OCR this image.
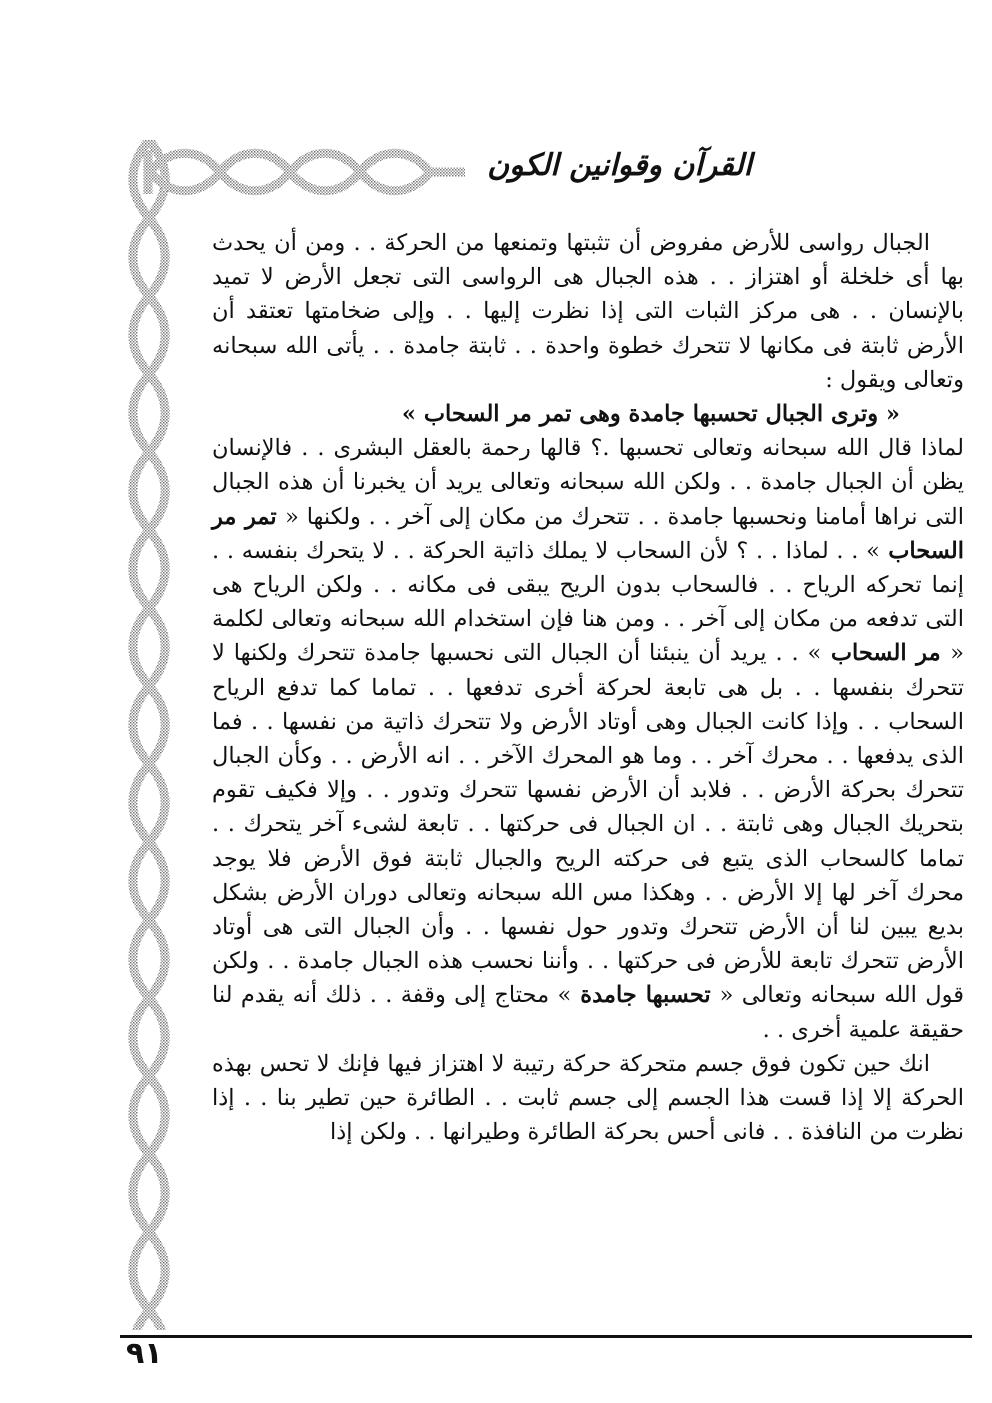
القرآن وقوانين الكون

الجبال رواسى للأرض مفروض أن تثبتها وتمنعها من الحركة . . ومن أن يحدث بها أى خلخلة أو اهتزاز . . هذه الجبال هى الرواسى التى تجعل الأرض لا تميد بالإنسان . . هى مركز الثبات التى إذا نظرت إليها . . وإلى ضخامتها تعتقد أن الأرض ثابتة فى مكانها لا تتحرك خطوة واحدة . . ثابتة جامدة . . يأتى الله سبحانه وتعالى ويقول :

« وترى الجبال تحسبها جامدة وهى تمر مر السحاب »

لماذا قال الله سبحانه وتعالى تحسبها .؟ قالها رحمة بالعقل البشرى . . فالإنسان يظن أن الجبال جامدة . . ولكن الله سبحانه وتعالى يريد أن يخبرنا أن هذه الجبال التى نراها أمامنا ونحسبها جامدة . . تتحرك من مكان إلى آخر . . ولكنها « تمر مر السحاب » . . لماذا . . ؟ لأن السحاب لا يملك ذاتية الحركة . . لا يتحرك بنفسه . . إنما تحركه الرياح . . فالسحاب بدون الريح يبقى فى مكانه . . ولكن الرياح هى التى تدفعه من مكان إلى آخر . . ومن هنا فإن استخدام الله سبحانه وتعالى لكلمة « مر السحاب » . . يريد أن ينبئنا أن الجبال التى نحسبها جامدة تتحرك ولكنها لا تتحرك بنفسها . . بل هى تابعة لحركة أخرى تدفعها . . تماما كما تدفع الرياح السحاب . . وإذا كانت الجبال وهى أوتاد الأرض ولا تتحرك ذاتية من نفسها . . فما الذى يدفعها . . محرك آخر . . وما هو المحرك الآخر . . انه الأرض . . وكأن الجبال تتحرك بحركة الأرض . . فلابد أن الأرض نفسها تتحرك وتدور . . وإلا فكيف تقوم بتحريك الجبال وهى ثابتة . . ان الجبال فى حركتها . . تابعة لشىء آخر يتحرك . . تماما كالسحاب الذى يتبع فى حركته الريح والجبال ثابتة فوق الأرض فلا يوجد محرك آخر لها إلا الأرض . . وهكذا مس الله سبحانه وتعالى دوران الأرض بشكل بديع يبين لنا أن الأرض تتحرك وتدور حول نفسها . . وأن الجبال التى هى أوتاد الأرض تتحرك تابعة للأرض فى حركتها . . وأننا نحسب هذه الجبال جامدة . . ولكن قول الله سبحانه وتعالى « تحسبها جامدة » محتاج إلى وقفة . . ذلك أنه يقدم لنا حقيقة علمية أخرى . .

انك حين تكون فوق جسم متحركة حركة رتيبة لا اهتزاز فيها فإنك لا تحس بهذه الحركة إلا إذا قست هذا الجسم إلى جسم ثابت . . الطائرة حين تطير بنا . . إذا نظرت من النافذة . . فانى أحس بحركة الطائرة وطيرانها . . ولكن إذا

٩١
